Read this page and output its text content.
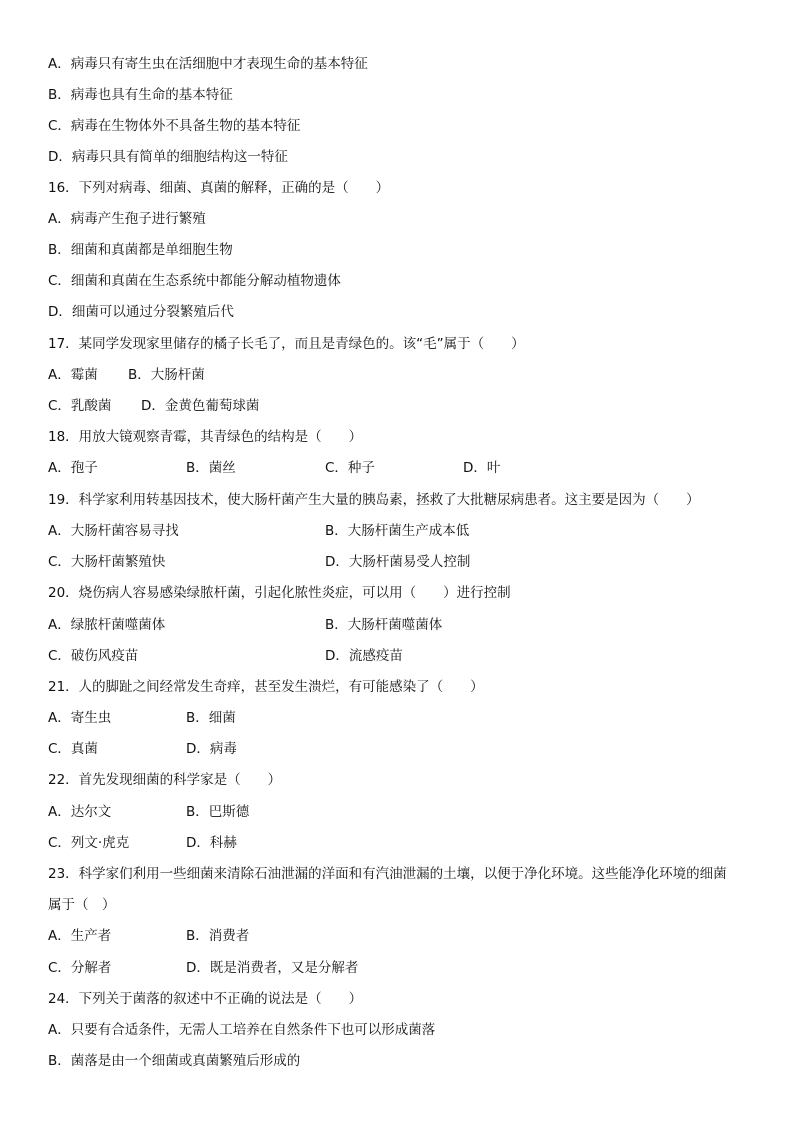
A．病毒只有寄生虫在活细胞中才表现生命的基本特征
B．病毒也具有生命的基本特征
C．病毒在生物体外不具备生物的基本特征
D．病毒只具有简单的细胞结构这一特征
16．下列对病毒、细菌、真菌的解释，正确的是（　　）
A．病毒产生孢子进行繁殖
B．细菌和真菌都是单细胞生物
C．细菌和真菌在生态系统中都能分解动植物遗体
D．细菌可以通过分裂繁殖后代
17．某同学发现家里储存的橘子长毛了，而且是青绿色的。该“毛”属于（　　）
A．霉菌 B．大肠杆菌
C．乳酸菌 D．金黄色葡萄球菌
18．用放大镜观察青霉，其青绿色的结构是（　　）
A．孢子	B．菌丝	C．种子	D．叶
19．科学家利用转基因技术，使大肠杆菌产生大量的胰岛素，拯救了大批糖尿病患者。这主要是因为（　　）
A．大肠杆菌容易寻找	B．大肠杆菌生产成本低
C．大肠杆菌繁殖快	D．大肠杆菌易受人控制
20．烧伤病人容易感染绿脓杆菌，引起化脓性炎症，可以用（　　）进行控制
A．绿脓杆菌噬菌体	B．大肠杆菌噬菌体
C．破伤风疫苗	D．流感疫苗
21．人的脚趾之间经常发生奇痒，甚至发生溃烂，有可能感染了（　　）
A．寄生虫	B．细菌
C．真菌	D．病毒
22．首先发现细菌的科学家是（　　）
A．达尔文	B．巴斯德
C．列文·虎克	D．科赫
23．科学家们利用一些细菌来清除石油泄漏的洋面和有汽油泄漏的土壤，以便于净化环境。这些能净化环境的细菌
属于（　）
A．生产者	B．消费者
C．分解者	D．既是消费者，又是分解者
24．下列关于菌落的叙述中不正确的说法是（　　）
A．只要有合适条件，无需人工培养在自然条件下也可以形成菌落
B．菌落是由一个细菌或真菌繁殖后形成的
